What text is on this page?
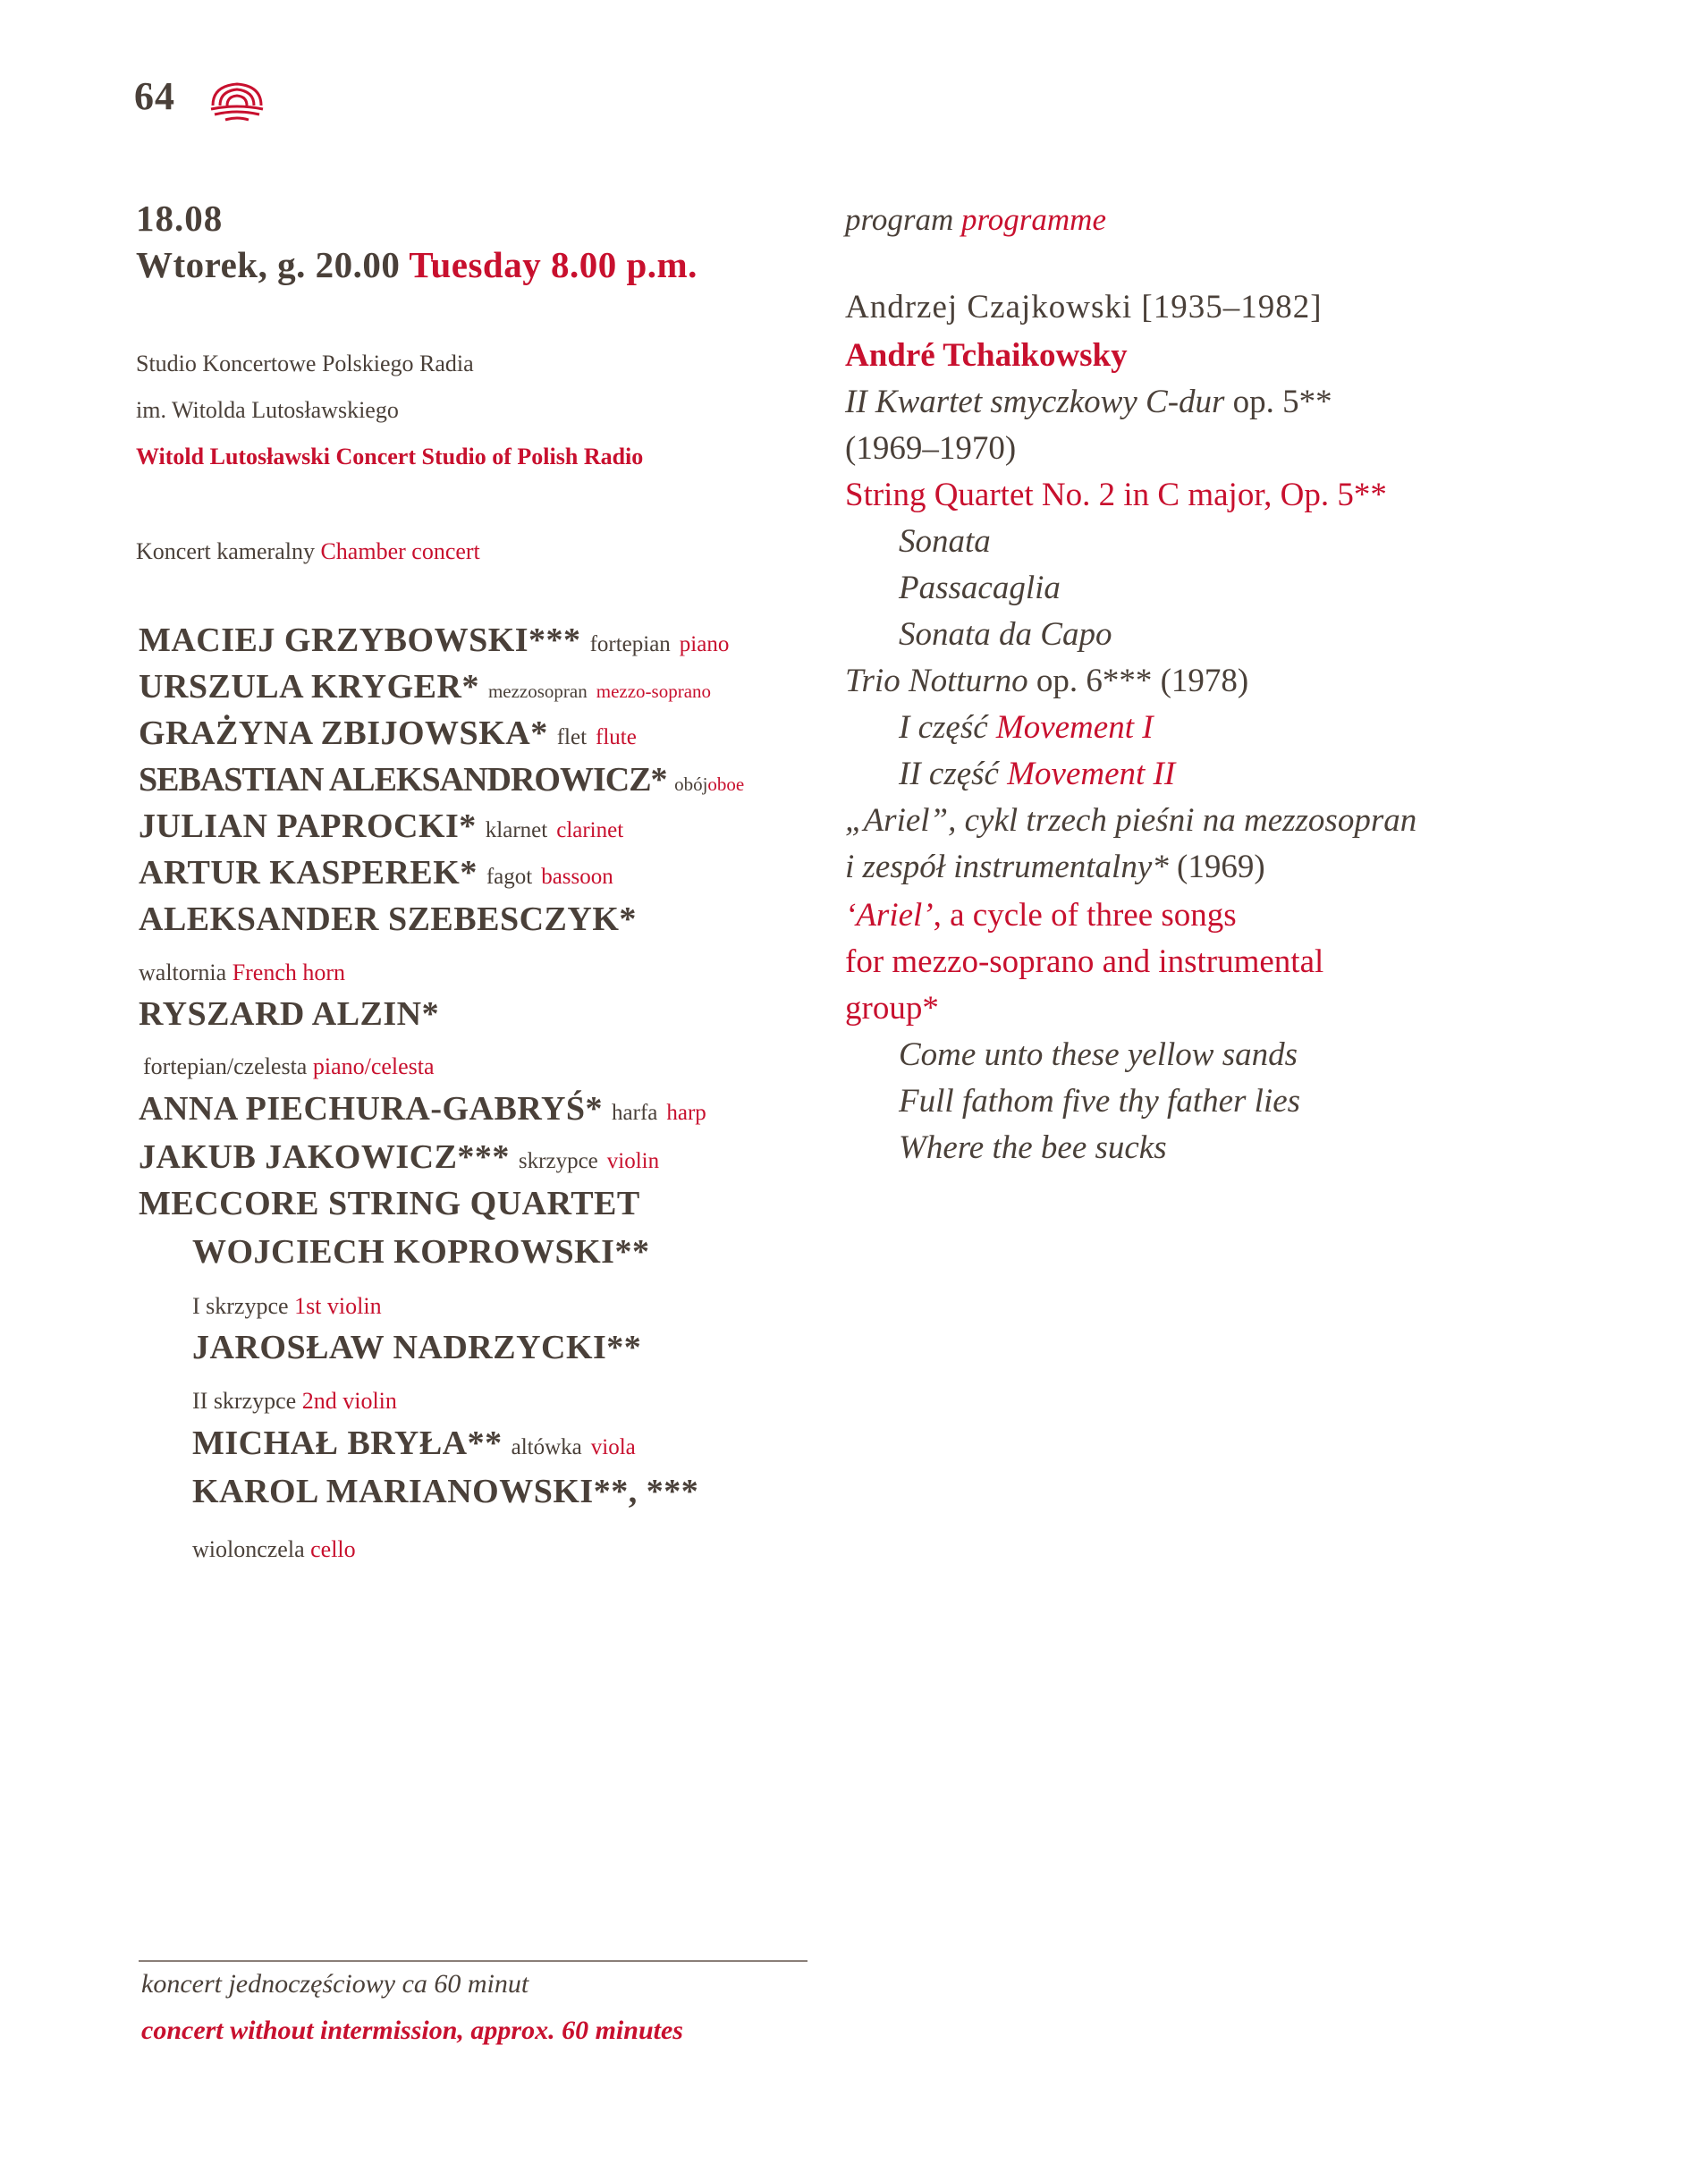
64
18.08
Wtorek, g. 20.00 Tuesday 8.00 p.m.
Studio Koncertowe Polskiego Radia
im. Witolda Lutosławskiego
Witold Lutosławski Concert Studio of Polish Radio
Koncert kameralny Chamber concert
MACIEJ GRZYBOWSKI*** fortepian piano
URSZULA KRYGER* mezzosopran mezzo-soprano
GRAŻYNA ZBIJOWSKA* flet flute
SEBASTIAN ALEKSANDROWICZ* obójoboe
JULIAN PAPROCKI* klarnet clarinet
ARTUR KASPEREK* fagot bassoon
ALEKSANDER SZEBESCZYK*
waltornia French horn
RYSZARD ALZIN*
fortepian/czelesta piano/celesta
ANNA PIECHURA-GABRYŚ* harfa harp
JAKUB JAKOWICZ*** skrzypce violin
MECCORE STRING QUARTET
WOJCIECH KOPROWSKI**
I skrzypce 1st violin
JAROSŁAW NADRZYCKI**
II skrzypce 2nd violin
MICHAŁ BRYŁA** altówka viola
KAROL MARIANOWSKI**, ***
wiolonczela cello
program programme
Andrzej Czajkowski [1935–1982]
André Tchaikowsky
II Kwartet smyczkowy C-dur op. 5**
(1969–1970)
String Quartet No. 2 in C major, Op. 5**
Sonata
Passacaglia
Sonata da Capo
Trio Notturno op. 6*** (1978)
I część Movement I
II część Movement II
„Ariel”, cykl trzech pieśni na mezzosopran
i zespół instrumentalny* (1969)
‘Ariel’, a cycle of three songs
for mezzo-soprano and instrumental
group*
Come unto these yellow sands
Full fathom five thy father lies
Where the bee sucks
koncert jednoczęściowy ca 60 minut
concert without intermission, approx. 60 minutes
